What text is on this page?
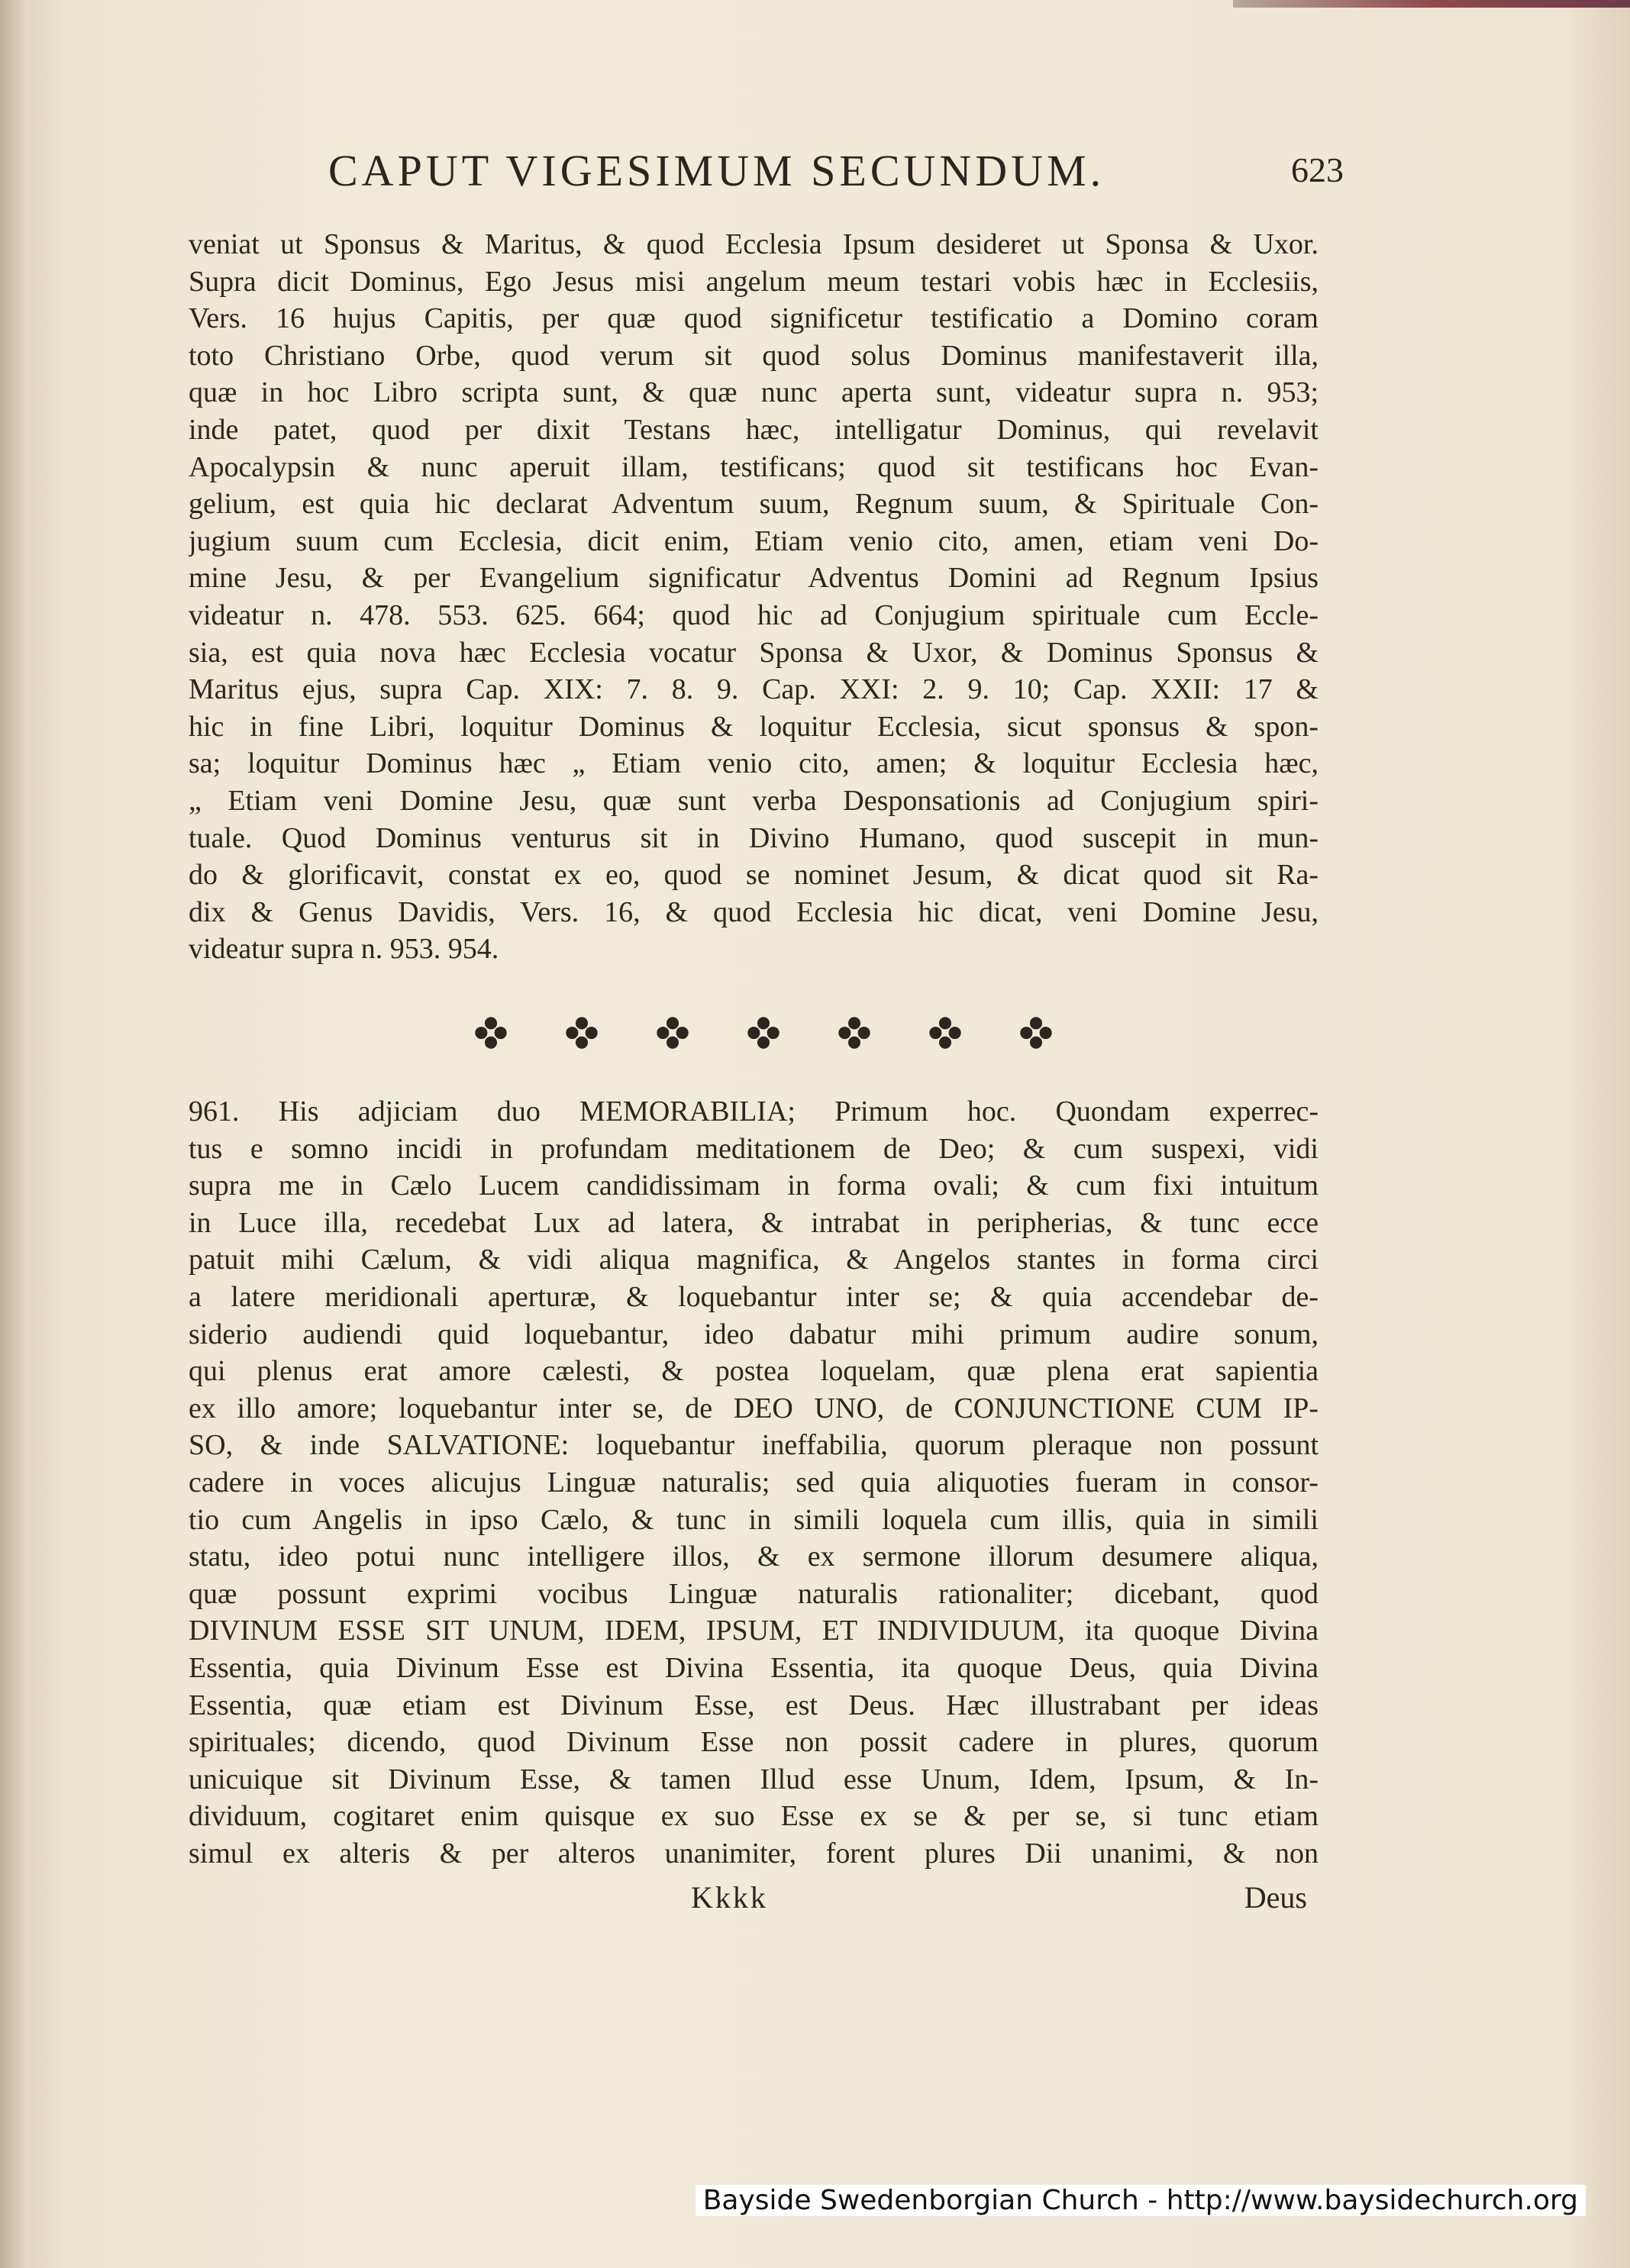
CAPUT VIGESIMUM SECUNDUM.	623
veniat ut Sponsus & Maritus, & quod Ecclesia Ipsum desideret ut Sponsa & Uxor.
Supra dicit Dominus, Ego Jesus misi angelum meum testari vobis hæc in Ecclesiis,
Vers. 16 hujus Capitis, per quæ quod significetur testificatio a Domino coram
toto Christiano Orbe, quod verum sit quod solus Dominus manifestaverit illa,
quæ in hoc Libro scripta sunt, & quæ nunc aperta sunt, videatur supra n. 953;
inde patet, quod per dixit Testans hæc, intelligatur Dominus, qui revelavit
Apocalypsin & nunc aperuit illam, testificans; quod sit testificans hoc Evan-
gelium, est quia hic declarat Adventum suum, Regnum suum, & Spirituale Con-
jugium suum cum Ecclesia, dicit enim, Etiam venio cito, amen, etiam veni Do-
mine Jesu, & per Evangelium significatur Adventus Domini ad Regnum Ipsius
videatur n. 478. 553. 625. 664; quod hic ad Conjugium spirituale cum Eccle-
sia, est quia nova hæc Ecclesia vocatur Sponsa & Uxor, & Dominus Sponsus &
Maritus ejus, supra Cap. XIX: 7. 8. 9. Cap. XXI: 2. 9. 10; Cap. XXII: 17 &
hic in fine Libri, loquitur Dominus & loquitur Ecclesia, sicut sponsus & spon-
sa; loquitur Dominus hæc „ Etiam venio cito, amen; & loquitur Ecclesia hæc,
„ Etiam veni Domine Jesu, quæ sunt verba Desponsationis ad Conjugium spiri-
tuale. Quod Dominus venturus sit in Divino Humano, quod suscepit in mun-
do & glorificavit, constat ex eo, quod se nominet Jesum, & dicat quod sit Ra-
dix & Genus Davidis, Vers. 16, & quod Ecclesia hic dicat, veni Domine Jesu,
videatur supra n. 953. 954.
961. His adjiciam duo MEMORABILIA; Primum hoc. Quondam experrec-
tus e somno incidi in profundam meditationem de Deo; & cum suspexi, vidi
supra me in Cælo Lucem candidissimam in forma ovali; & cum fixi intuitum
in Luce illa, recedebat Lux ad latera, & intrabat in peripherias, & tunc ecce
patuit mihi Cælum, & vidi aliqua magnifica, & Angelos stantes in forma circi
a latere meridionali aperturæ, & loquebantur inter se; & quia accendebar de-
siderio audiendi quid loquebantur, ideo dabatur mihi primum audire sonum,
qui plenus erat amore cælesti, & postea loquelam, quæ plena erat sapientia
ex illo amore; loquebantur inter se, de DEO UNO, de CONJUNCTIONE CUM IP-
SO, & inde SALVATIONE: loquebantur ineffabilia, quorum pleraque non possunt
cadere in voces alicujus Linguæ naturalis; sed quia aliquoties fueram in consor-
tio cum Angelis in ipso Cælo, & tunc in simili loquela cum illis, quia in simili
statu, ideo potui nunc intelligere illos, & ex sermone illorum desumere aliqua,
quæ possunt exprimi vocibus Linguæ naturalis rationaliter; dicebant, quod
DIVINUM ESSE SIT UNUM, IDEM, IPSUM, ET INDIVIDUUM, ita quoque Divina
Essentia, quia Divinum Esse est Divina Essentia, ita quoque Deus, quia Divina
Essentia, quæ etiam est Divinum Esse, est Deus. Hæc illustrabant per ideas
spirituales; dicendo, quod Divinum Esse non possit cadere in plures, quorum
unicuique sit Divinum Esse, & tamen Illud esse Unum, Idem, Ipsum, & In-
dividuum, cogitaret enim quisque ex suo Esse ex se & per se, si tunc etiam
simul ex alteris & per alteros unanimiter, forent plures Dii unanimi, & non
Kkkk	Deus
Bayside Swedenborgian Church - http://www.baysidechurch.org
